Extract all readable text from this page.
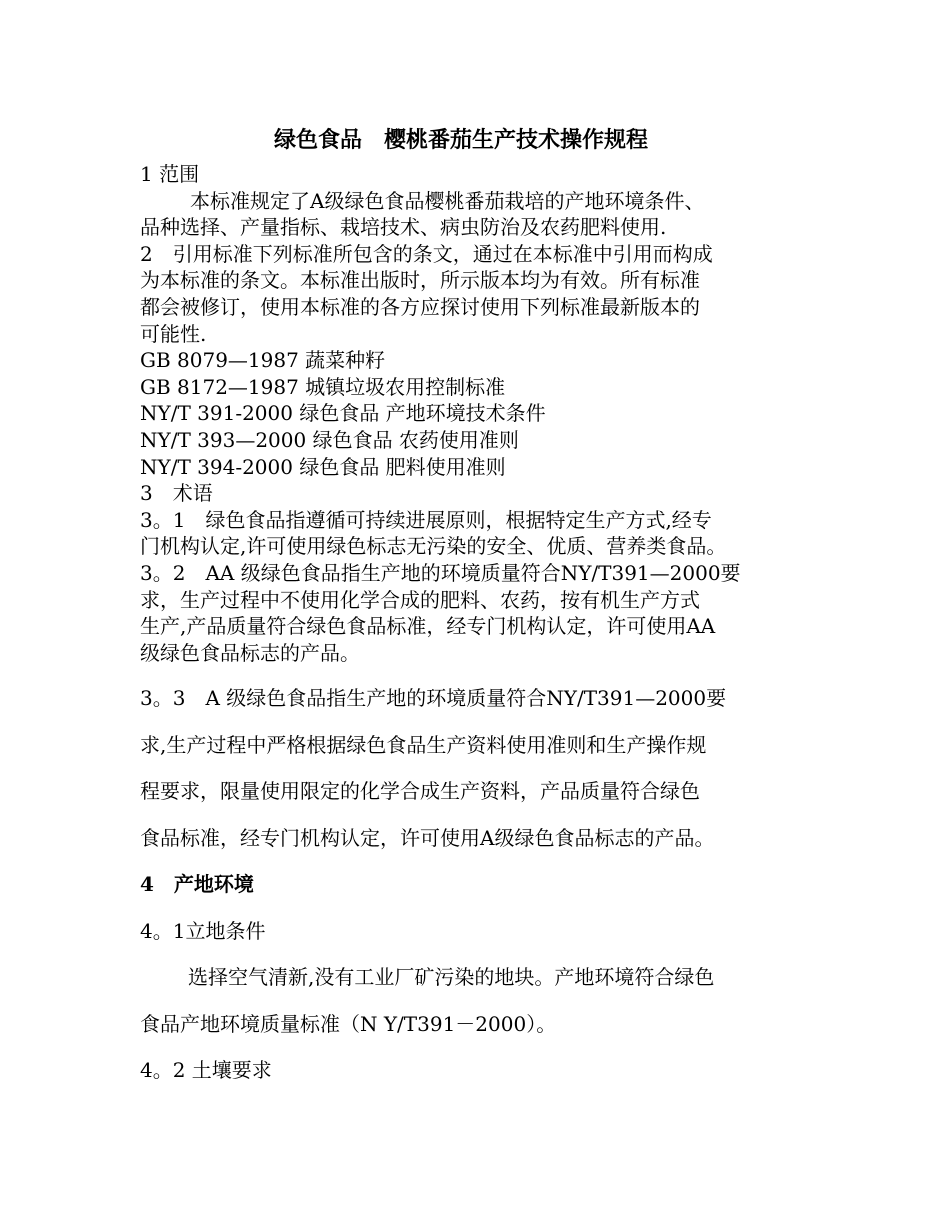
绿色食品　樱桃番茄生产技术操作规程

1 范围

本标准规定了A级绿色食品樱桃番茄栽培的产地环境条件、

品种选择、产量指标、栽培技术、病虫防治及农药肥料使用.

2　引用标准下列标准所包含的条文，通过在本标准中引用而构成

为本标准的条文。本标准出版时，所示版本均为有效。所有标准

都会被修订，使用本标准的各方应探讨使用下列标准最新版本的

可能性.

GB 8079—1987 蔬菜种籽

GB 8172—1987 城镇垃圾农用控制标准

NY/T 391-2000 绿色食品 产地环境技术条件

NY/T 393—2000 绿色食品 农药使用准则

NY/T 394-2000 绿色食品 肥料使用准则

3　术语

3。1　绿色食品指遵循可持续进展原则，根据特定生产方式,经专

门机构认定,许可使用绿色标志无污染的安全、优质、营养类食品。

3。2　AA 级绿色食品指生产地的环境质量符合NY/T391—2000要

求，生产过程中不使用化学合成的肥料、农药，按有机生产方式

生产,产品质量符合绿色食品标准，经专门机构认定，许可使用AA

级绿色食品标志的产品。

3。3　A 级绿色食品指生产地的环境质量符合NY/T391—2000要

求,生产过程中严格根据绿色食品生产资料使用准则和生产操作规

程要求，限量使用限定的化学合成生产资料，产品质量符合绿色

食品标准，经专门机构认定，许可使用A级绿色食品标志的产品。

4　产地环境

4。1立地条件

选择空气清新,没有工业厂矿污染的地块。产地环境符合绿色

食品产地环境质量标准（N Y/T391－2000）。

4。2 土壤要求
